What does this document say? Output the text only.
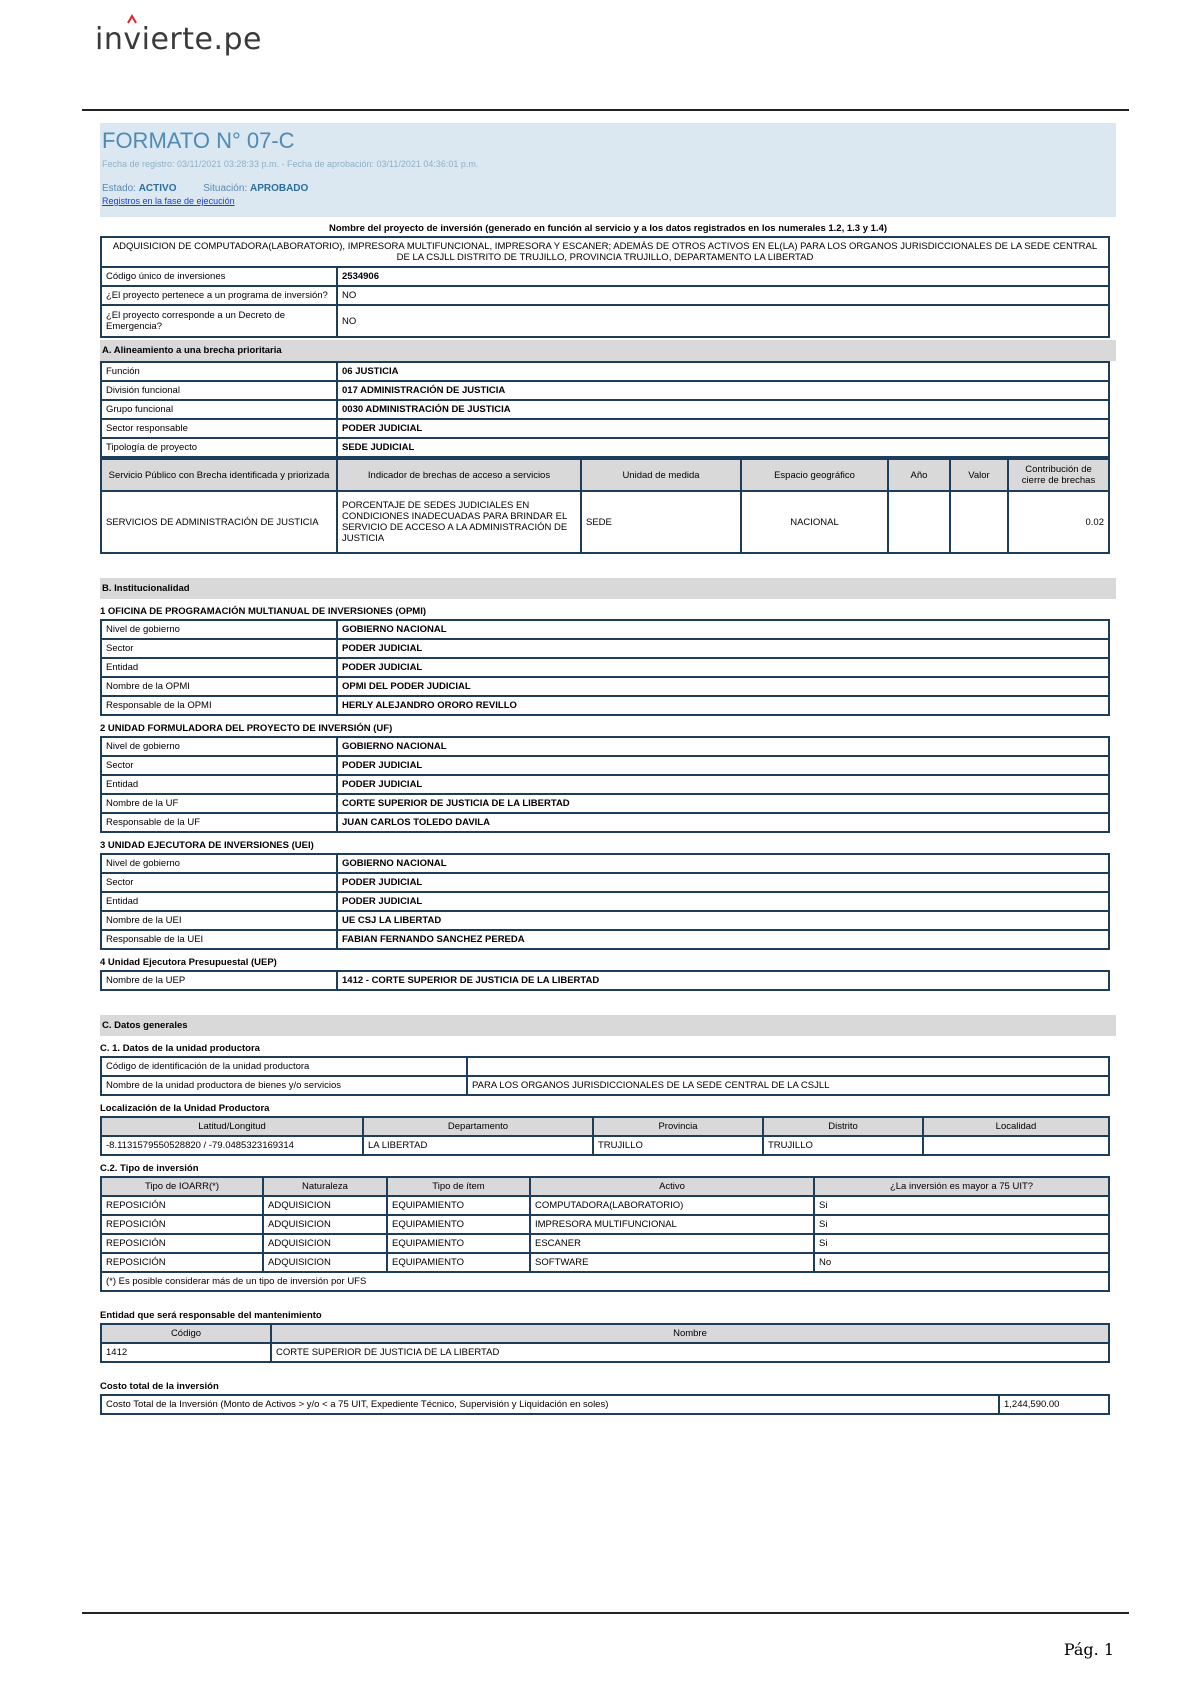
in
vierte.pe
FORMATO N° 07-C
Fecha de registro: 03/11/2021 03:28:33 p.m. - Fecha de aprobación: 03/11/2021 04:36:01 p.m.
Estado: ACTIVO	Situación: APROBADO
Registros en la fase de ejecución
Nombre del proyecto de inversión (generado en función al servicio y a los datos registrados en los numerales 1.2, 1.3 y 1.4)
ADQUISICION DE COMPUTADORA(LABORATORIO), IMPRESORA MULTIFUNCIONAL, IMPRESORA Y ESCANER; ADEMÁS DE OTROS ACTIVOS EN EL(LA) PARA LOS ORGANOS JURISDICCIONALES DE LA SEDE CENTRAL DE LA CSJLL DISTRITO DE TRUJILLO, PROVINCIA TRUJILLO, DEPARTAMENTO LA LIBERTAD	
Código único de inversiones	2534906
¿El proyecto pertenece a un programa de inversión?	NO
¿El proyecto corresponde a un Decreto de Emergencia?	NO
A. Alineamiento a una brecha prioritaria
Función	06 JUSTICIA
División funcional	017 ADMINISTRACIÓN DE JUSTICIA
Grupo funcional	0030 ADMINISTRACIÓN DE JUSTICIA
Sector responsable	PODER JUDICIAL
Tipología de proyecto	SEDE JUDICIAL
Servicio Público con Brecha identificada y priorizada	Indicador de brechas de acceso a servicios	Unidad de medida	Espacio geográfico	Año	Valor	Contribución de cierre de brechas
SERVICIOS DE ADMINISTRACIÓN DE JUSTICIA	PORCENTAJE DE SEDES JUDICIALES EN CONDICIONES INADECUADAS PARA BRINDAR EL SERVICIO DE ACCESO A LA ADMINISTRACIÓN DE JUSTICIA	SEDE	NACIONAL			0.02
B. Institucionalidad
1 OFICINA DE PROGRAMACIÓN MULTIANUAL DE INVERSIONES (OPMI)
Nivel de gobierno	GOBIERNO NACIONAL
Sector	PODER JUDICIAL
Entidad	PODER JUDICIAL
Nombre de la OPMI	OPMI DEL PODER JUDICIAL
Responsable de la OPMI	HERLY ALEJANDRO ORORO REVILLO
2 UNIDAD FORMULADORA DEL PROYECTO DE INVERSIÓN (UF)
Nivel de gobierno	GOBIERNO NACIONAL
Sector	PODER JUDICIAL
Entidad	PODER JUDICIAL
Nombre de la UF	CORTE SUPERIOR DE JUSTICIA DE LA LIBERTAD
Responsable de la UF	JUAN CARLOS TOLEDO DAVILA
3 UNIDAD EJECUTORA DE INVERSIONES (UEI)
Nivel de gobierno	GOBIERNO NACIONAL
Sector	PODER JUDICIAL
Entidad	PODER JUDICIAL
Nombre de la UEI	UE CSJ LA LIBERTAD
Responsable de la UEI	FABIAN FERNANDO SANCHEZ PEREDA
4 Unidad Ejecutora Presupuestal (UEP)
Nombre de la UEP	1412 - CORTE SUPERIOR DE JUSTICIA DE LA LIBERTAD
C. Datos generales
C. 1. Datos de la unidad productora
Código de identificación de la unidad productora	
Nombre de la unidad productora de bienes y/o servicios	PARA LOS ORGANOS JURISDICCIONALES DE LA SEDE CENTRAL DE LA CSJLL
Localización de la Unidad Productora
Latitud/Longitud	Departamento	Provincia	Distrito	Localidad
-8.1131579550528820 / -79.0485323169314	LA LIBERTAD	TRUJILLO	TRUJILLO	
C.2. Tipo de inversión
Tipo de IOARR(*)	Naturaleza	Tipo de ítem	Activo	¿La inversión es mayor a 75 UIT?
REPOSICIÓN	ADQUISICION	EQUIPAMIENTO	COMPUTADORA(LABORATORIO)	Si
REPOSICIÓN	ADQUISICION	EQUIPAMIENTO	IMPRESORA MULTIFUNCIONAL	Si
REPOSICIÓN	ADQUISICION	EQUIPAMIENTO	ESCANER	Si
REPOSICIÓN	ADQUISICION	EQUIPAMIENTO	SOFTWARE	No
(*) Es posible considerar más de un tipo de inversión por UFS				
Entidad que será responsable del mantenimiento
Código	Nombre
1412	CORTE SUPERIOR DE JUSTICIA DE LA LIBERTAD
Costo total de la inversión
Costo Total de la Inversión (Monto de Activos > y/o < a 75 UIT, Expediente Técnico, Supervisión y Liquidación en soles)	1,244,590.00
Pág. 1
